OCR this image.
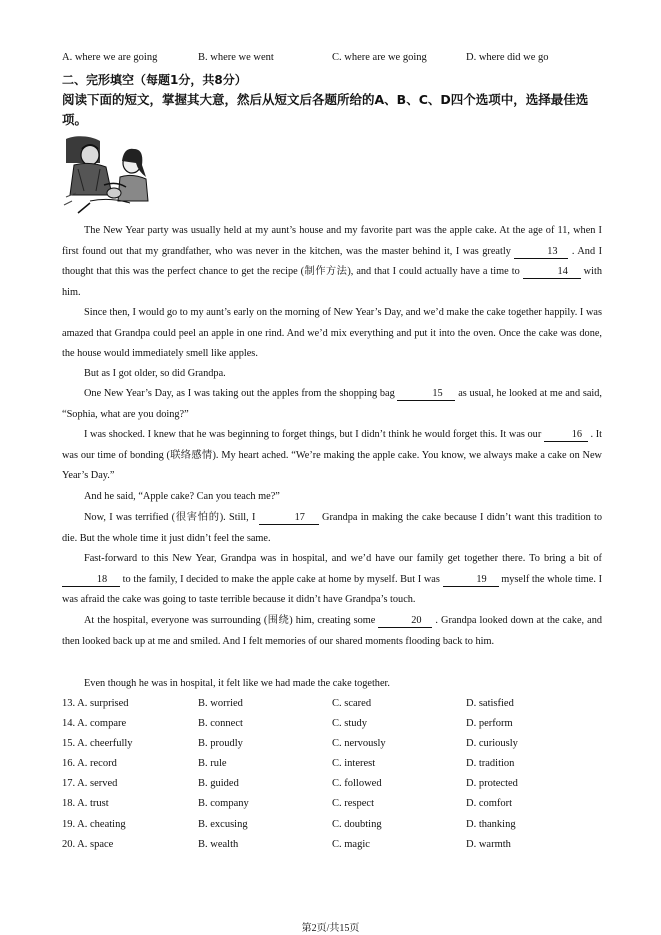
A. where we are going	B. where we went	C. where are we going	D. where did we go
二、完形填空（每题1分，共8分）
阅读下面的短文，掌握其大意，然后从短文后各题所给的A、B、C、D四个选项中，选择最佳选项。
The New Year party was usually held at my aunt’s house and my favorite part was the apple cake. At the age of 11, when I first found out that my grandfather, who was never in the kitchen, was the master behind it, I was greatly	13 . And I thought that this was the perfect chance to get the recipe (制作方法), and that I could actually have a time to	14 with him.
Since then, I would go to my aunt’s early on the morning of New Year’s Day, and we’d make the cake together happily. I was amazed that Grandpa could peel an apple in one rind. And we’d mix everything and put it into the oven. Once the cake was done, the house would immediately smell like apples.
But as I got older, so did Grandpa.
One New Year’s Day, as I was taking out the apples from the shopping bag	15 as usual, he looked at me and said, “Sophia, what are you doing?”
I was shocked. I knew that he was beginning to forget things, but I didn’t think he would forget this. It was our	16 . It was our time of bonding (联络感情). My heart ached. “We’re making the apple cake. You know, we always make a cake on New Year’s Day.”
And he said, “Apple cake? Can you teach me?”
Now, I was terrified (很害怕的). Still, I	17 Grandpa in making the cake because I didn’t want this tradition to die. But the whole time it just didn’t feel the same.
Fast-forward to this New Year, Grandpa was in hospital, and we’d have our family get together there. To bring a bit of 18 to the family, I decided to make the apple cake at home by myself. But I was	19 myself the whole time. I was afraid the cake was going to taste terrible because it didn’t have Grandpa’s touch.
At the hospital, everyone was surrounding (围绕) him, creating some	20 . Grandpa looked down at the cake, and then looked back up at me and smiled. And I felt memories of our shared moments flooding back to him.
Even though he was in hospital, it felt like we had made the cake together.
13. A. surprised	B. worried	C. scared	D. satisfied
14. A. compare	B. connect	C. study	D. perform
15. A. cheerfully	B. proudly	C. nervously	D. curiously
16. A. record	B. rule	C. interest	D. tradition
17. A. served	B. guided	C. followed	D. protected
18. A. trust	B. company	C. respect	D. comfort
19. A. cheating	B. excusing	C. doubting	D. thanking
20. A. space	B. wealth	C. magic	D. warmth
第2页/共15页
